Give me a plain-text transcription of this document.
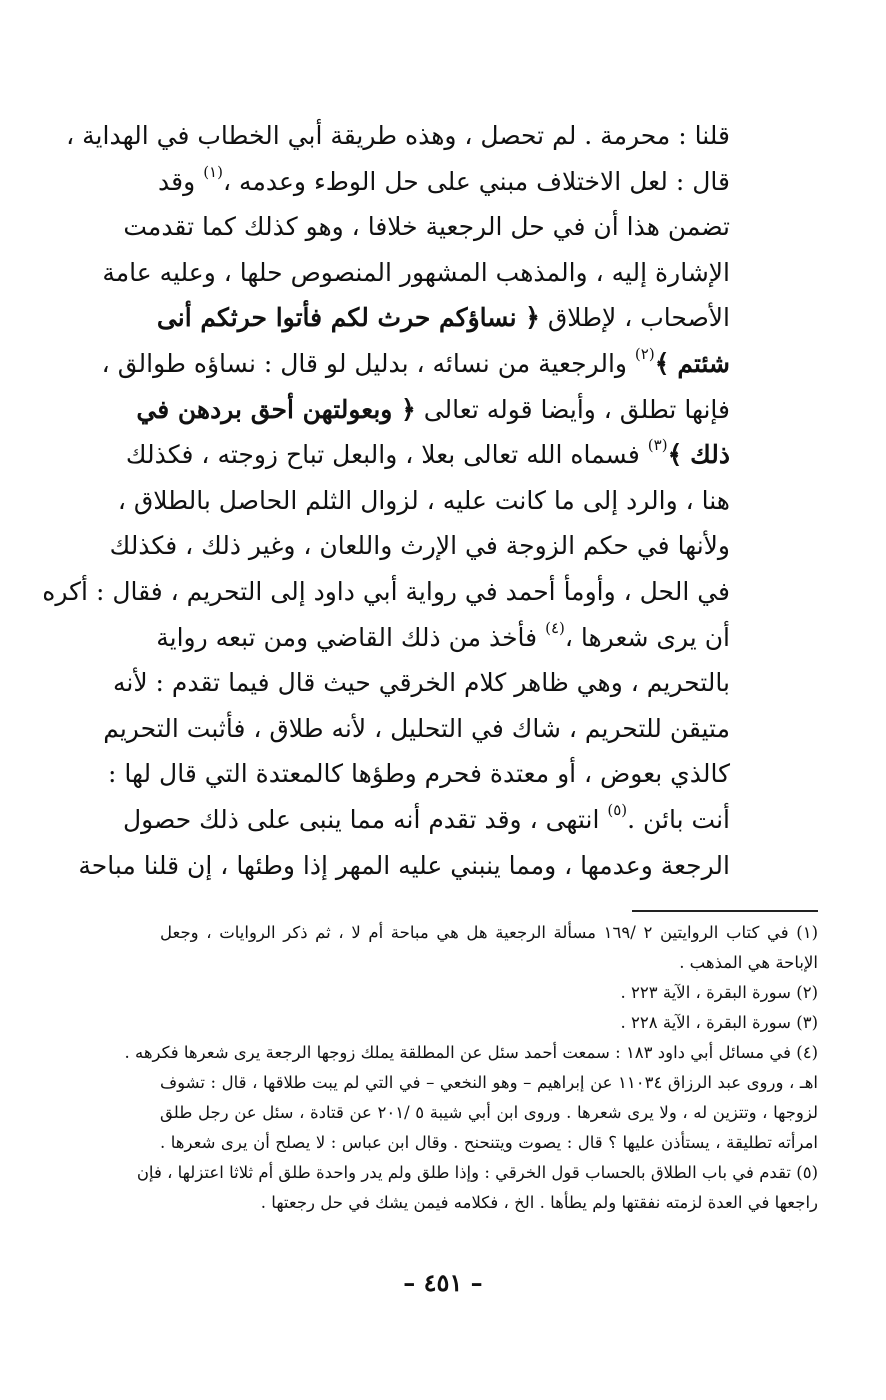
قلنا : محرمة . لم تحصل ، وهذه طريقة أبي الخطاب في الهداية ،
قال : لعل الاختلاف مبني على حل الوطء وعدمه ،$^{(١)}$ وقد
تضمن هذا أن في حل الرجعية خلافا ، وهو كذلك كما تقدمت
الإشارة إليه ، والمذهب المشهور المنصوص حلها ، وعليه عامة
الأصحاب ، لإطلاق ﴿ نساؤكم حرث لكم فأتوا حرثكم أنى
شئتم ﴾$^{(٢)}$ والرجعية من نسائه ، بدليل لو قال : نساؤه طوالق ،
فإنها تطلق ، وأيضا قوله تعالى ﴿ وبعولتهن أحق بردهن في
ذلك ﴾$^{(٣)}$ فسماه الله تعالى بعلا ، والبعل تباح زوجته ، فكذلك
هنا ، والرد إلى ما كانت عليه ، لزوال الثلم الحاصل بالطلاق ،
ولأنها في حكم الزوجة في الإرث واللعان ، وغير ذلك ، فكذلك
في الحل ، وأومأ أحمد في رواية أبي داود إلى التحريم ، فقال : أكره
أن يرى شعرها ،$^{(٤)}$ فأخذ من ذلك القاضي ومن تبعه رواية
بالتحريم ، وهي ظاهر كلام الخرقي حيث قال فيما تقدم : لأنه
متيقن للتحريم ، شاك في التحليل ، لأنه طلاق ، فأثبت التحريم
كالذي بعوض ، أو معتدة فحرم وطؤها كالمعتدة التي قال لها :
أنت بائن .$^{(٥)}$ انتهى ، وقد تقدم أنه مما ينبى على ذلك حصول
الرجعة وعدمها ، ومما ينبني عليه المهر إذا وطئها ، إن قلنا مباحة
(١) في كتاب الروايتين ٢ /١٦٩ مسألة الرجعية هل هي مباحة أم لا ، ثم ذكر الروايات ، وجعل
الإباحة هي المذهب .
(٢) سورة البقرة ، الآية ٢٢٣ .
(٣) سورة البقرة ، الآية ٢٢٨ .
(٤) في مسائل أبي داود ١٨٣ : سمعت أحمد سئل عن المطلقة يملك زوجها الرجعة يرى شعرها فكرهه .
اهـ ، وروى عبد الرزاق ١١٠٣٤ عن إبراهيم – وهو النخعي – في التي لم يبت طلاقها ، قال : تشوف
لزوجها ، وتتزين له ، ولا يرى شعرها . وروى ابن أبي شيبة ٥ /٢٠١ عن قتادة ، سئل عن رجل طلق
امرأته تطليقة ، يستأذن عليها ؟ قال : يصوت ويتنحنح . وقال ابن عباس : لا يصلح أن يرى شعرها .
(٥) تقدم في باب الطلاق بالحساب قول الخرقي : وإذا طلق ولم يدر واحدة طلق أم ثلاثا اعتزلها ، فإن
راجعها في العدة لزمته نفقتها ولم يطأها . الخ ، فكلامه فيمن يشك في حل رجعتها .
– ٤٥١ –
